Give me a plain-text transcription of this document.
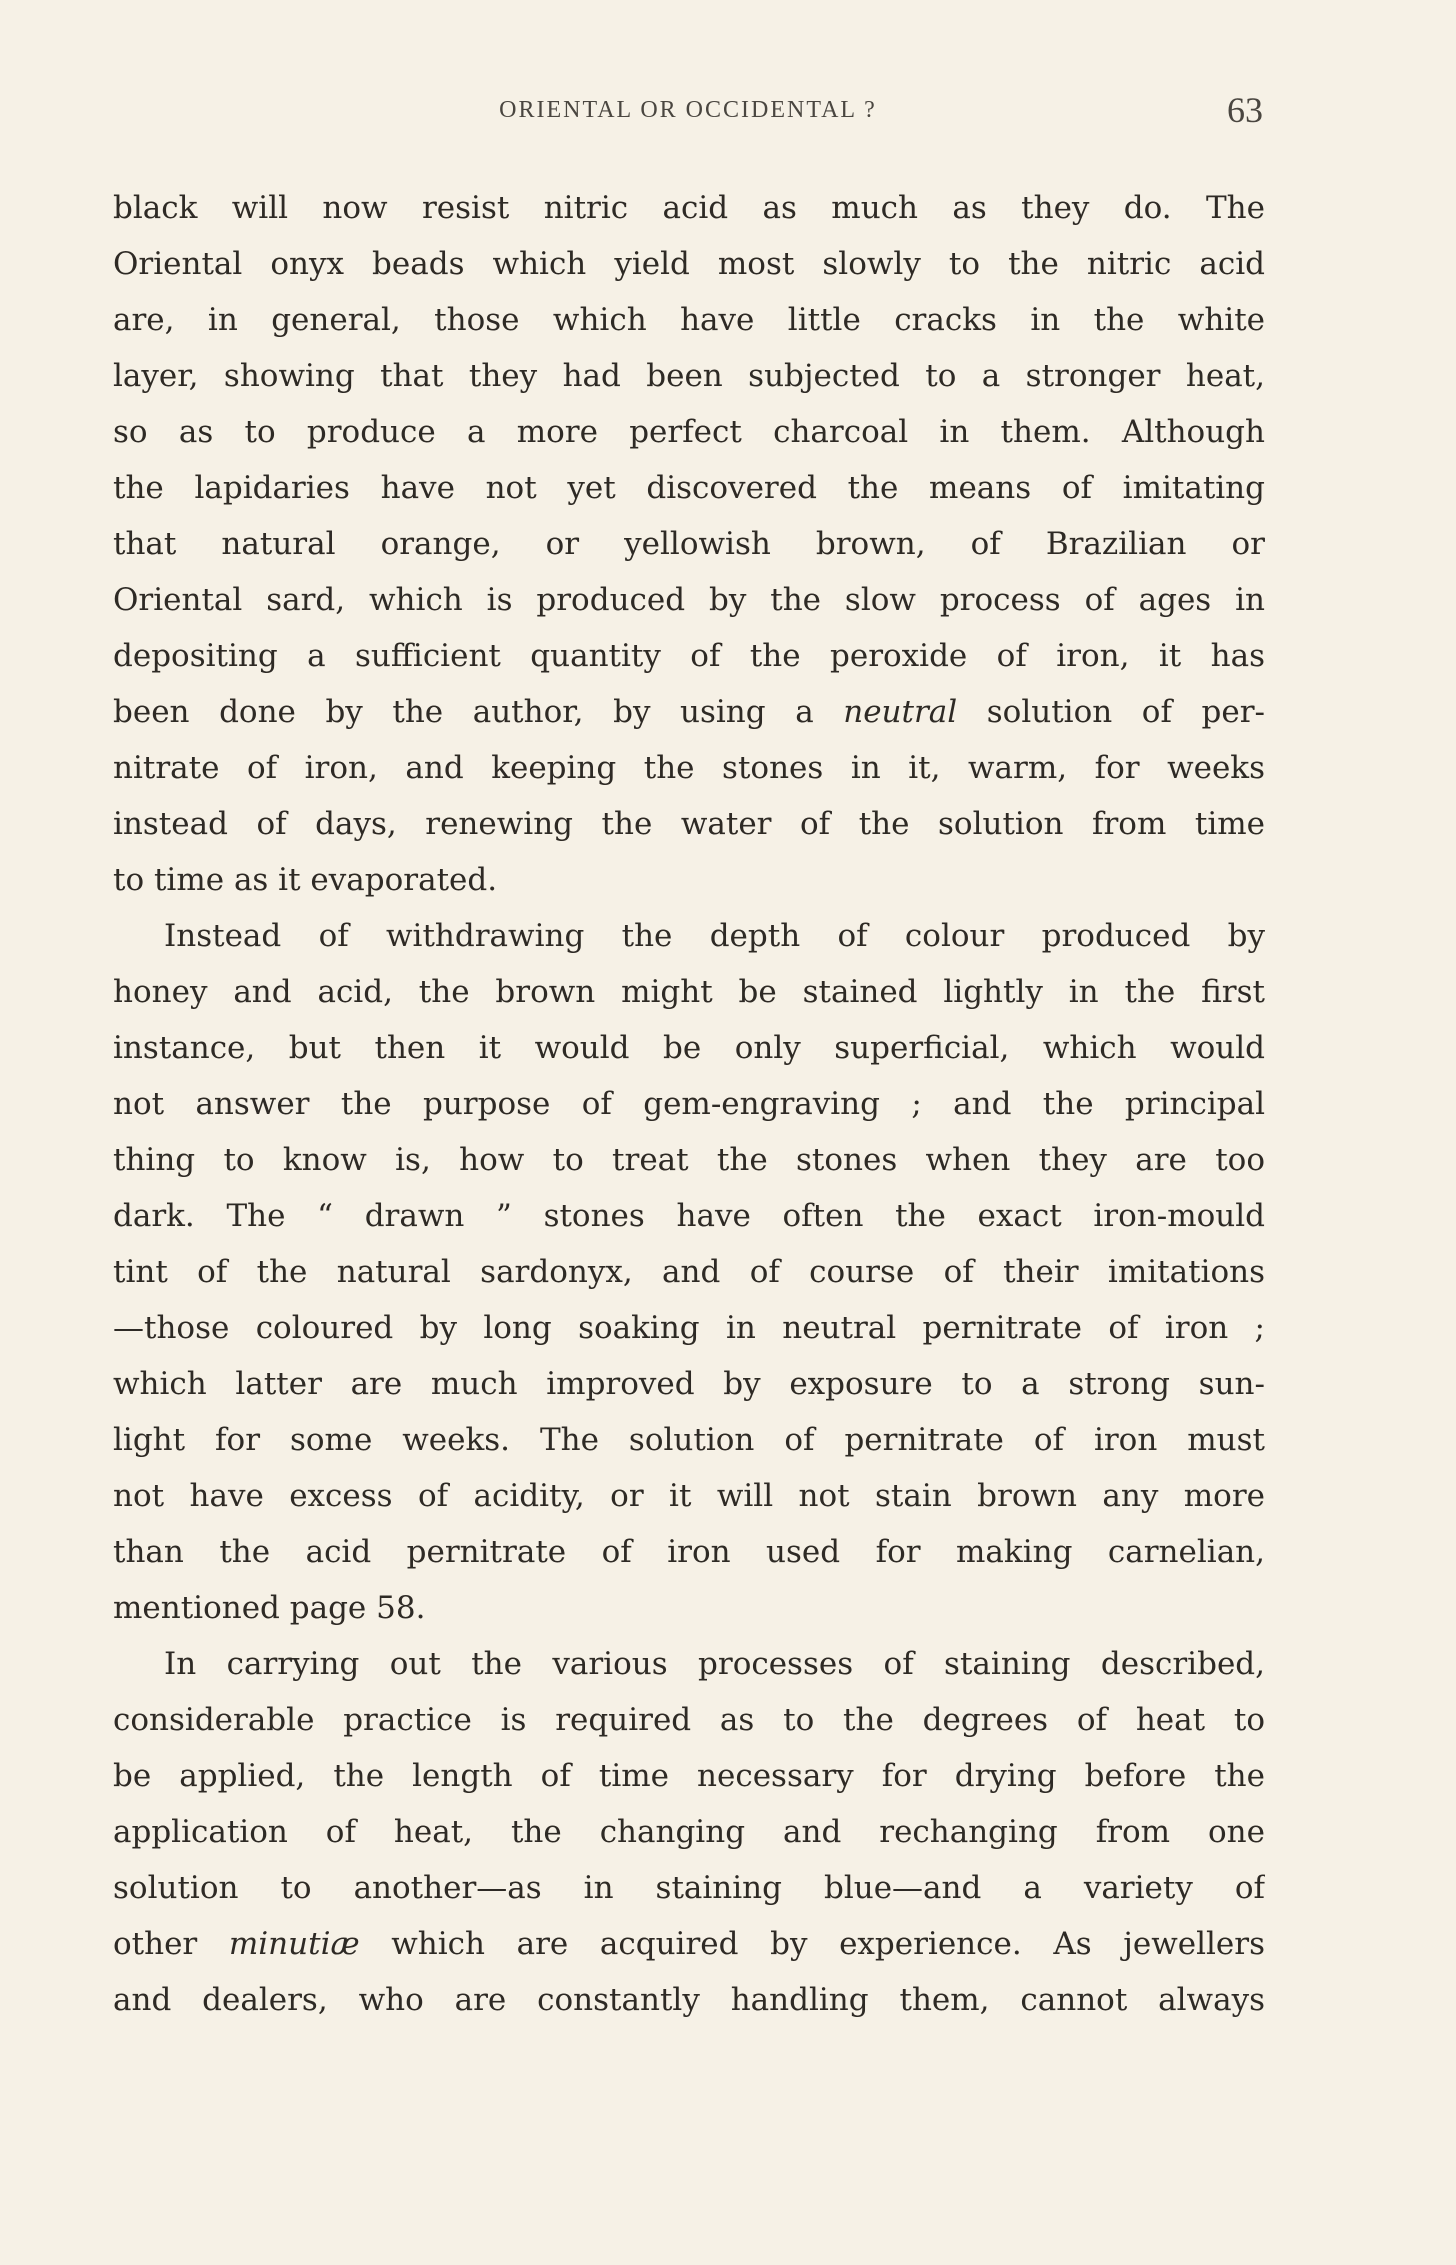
ORIENTAL OR OCCIDENTAL ?	63
black will now resist nitric acid as much as they do. The
Oriental onyx beads which yield most slowly to the nitric acid
are, in general, those which have little cracks in the white
layer, showing that they had been subjected to a stronger heat,
so as to produce a more perfect charcoal in them. Although
the lapidaries have not yet discovered the means of imitating
that natural orange, or yellowish brown, of Brazilian or
Oriental sard, which is produced by the slow process of ages in
depositing a sufficient quantity of the peroxide of iron, it has
been done by the author, by using a neutral solution of per-
nitrate of iron, and keeping the stones in it, warm, for weeks
instead of days, renewing the water of the solution from time
to time as it evaporated.
Instead of withdrawing the depth of colour produced by
honey and acid, the brown might be stained lightly in the first
instance, but then it would be only superficial, which would
not answer the purpose of gem-engraving ; and the principal
thing to know is, how to treat the stones when they are too
dark. The “ drawn ” stones have often the exact iron-mould
tint of the natural sardonyx, and of course of their imitations
—those coloured by long soaking in neutral pernitrate of iron ;
which latter are much improved by exposure to a strong sun-
light for some weeks. The solution of pernitrate of iron must
not have excess of acidity, or it will not stain brown any more
than the acid pernitrate of iron used for making carnelian,
mentioned page 58.
In carrying out the various processes of staining described,
considerable practice is required as to the degrees of heat to
be applied, the length of time necessary for drying before the
application of heat, the changing and rechanging from one
solution to another—as in staining blue—and a variety of
other minutiæ which are acquired by experience. As jewellers
and dealers, who are constantly handling them, cannot always
